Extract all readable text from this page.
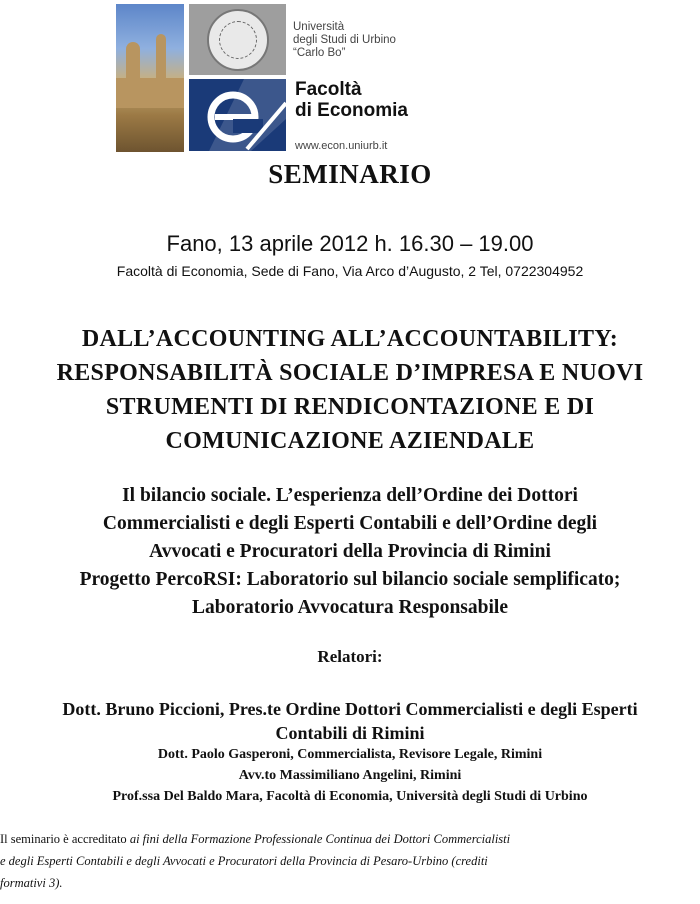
Università
degli Studi di Urbino
“Carlo Bo”
Facoltà
di Economia
www.econ.uniurb.it
SEMINARIO
Fano, 13 aprile 2012 h. 16.30 – 19.00
Facoltà di Economia, Sede di Fano, Via Arco d’Augusto, 2 Tel, 0722304952
DALL’ACCOUNTING ALL’ACCOUNTABILITY:
RESPONSABILITÀ SOCIALE D’IMPRESA E NUOVI
STRUMENTI DI RENDICONTAZIONE E DI
COMUNICAZIONE AZIENDALE
Il bilancio sociale. L’esperienza dell’Ordine dei Dottori
Commercialisti e degli Esperti Contabili e dell’Ordine degli
Avvocati e Procuratori della Provincia di Rimini
Progetto PercoRSI: Laboratorio sul bilancio sociale semplificato;
Laboratorio Avvocatura Responsabile
Relatori:
Dott. Bruno Piccioni, Pres.te Ordine Dottori Commercialisti e degli Esperti
Contabili di Rimini
Dott. Paolo Gasperoni, Commercialista, Revisore Legale, Rimini
Avv.to Massimiliano Angelini, Rimini
Prof.ssa Del Baldo Mara, Facoltà di Economia, Università degli Studi di Urbino
Il seminario è accreditato ai fini della Formazione Professionale Continua dei Dottori Commercialisti
e degli Esperti Contabili e degli Avvocati e Procuratori della Provincia di Pesaro-Urbino (crediti
formativi 3).
